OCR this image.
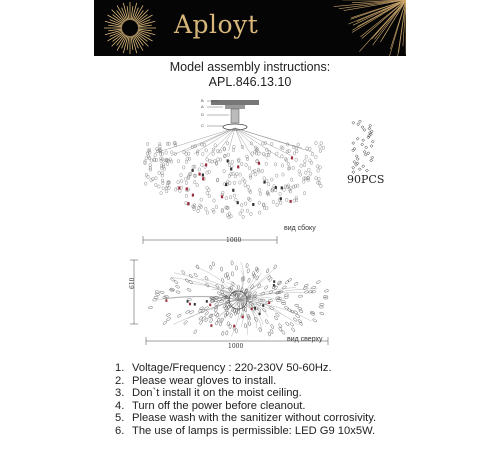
Aployt
Model assembly instructions:
APL.846.13.10
B
A
D
C
вид сбоку
1000
90PCS
вид сверху
1000
610
1. Voltage/Frequency : 220-230V 50-60Hz.
2. Please wear gloves to install.
3. Don`t install it on the moist ceiling.
4. Turn off the power before cleanout.
5. Please wash with the sanitizer without corrosivity.
6. The use of lamps is permissible: LED G9 10x5W.
